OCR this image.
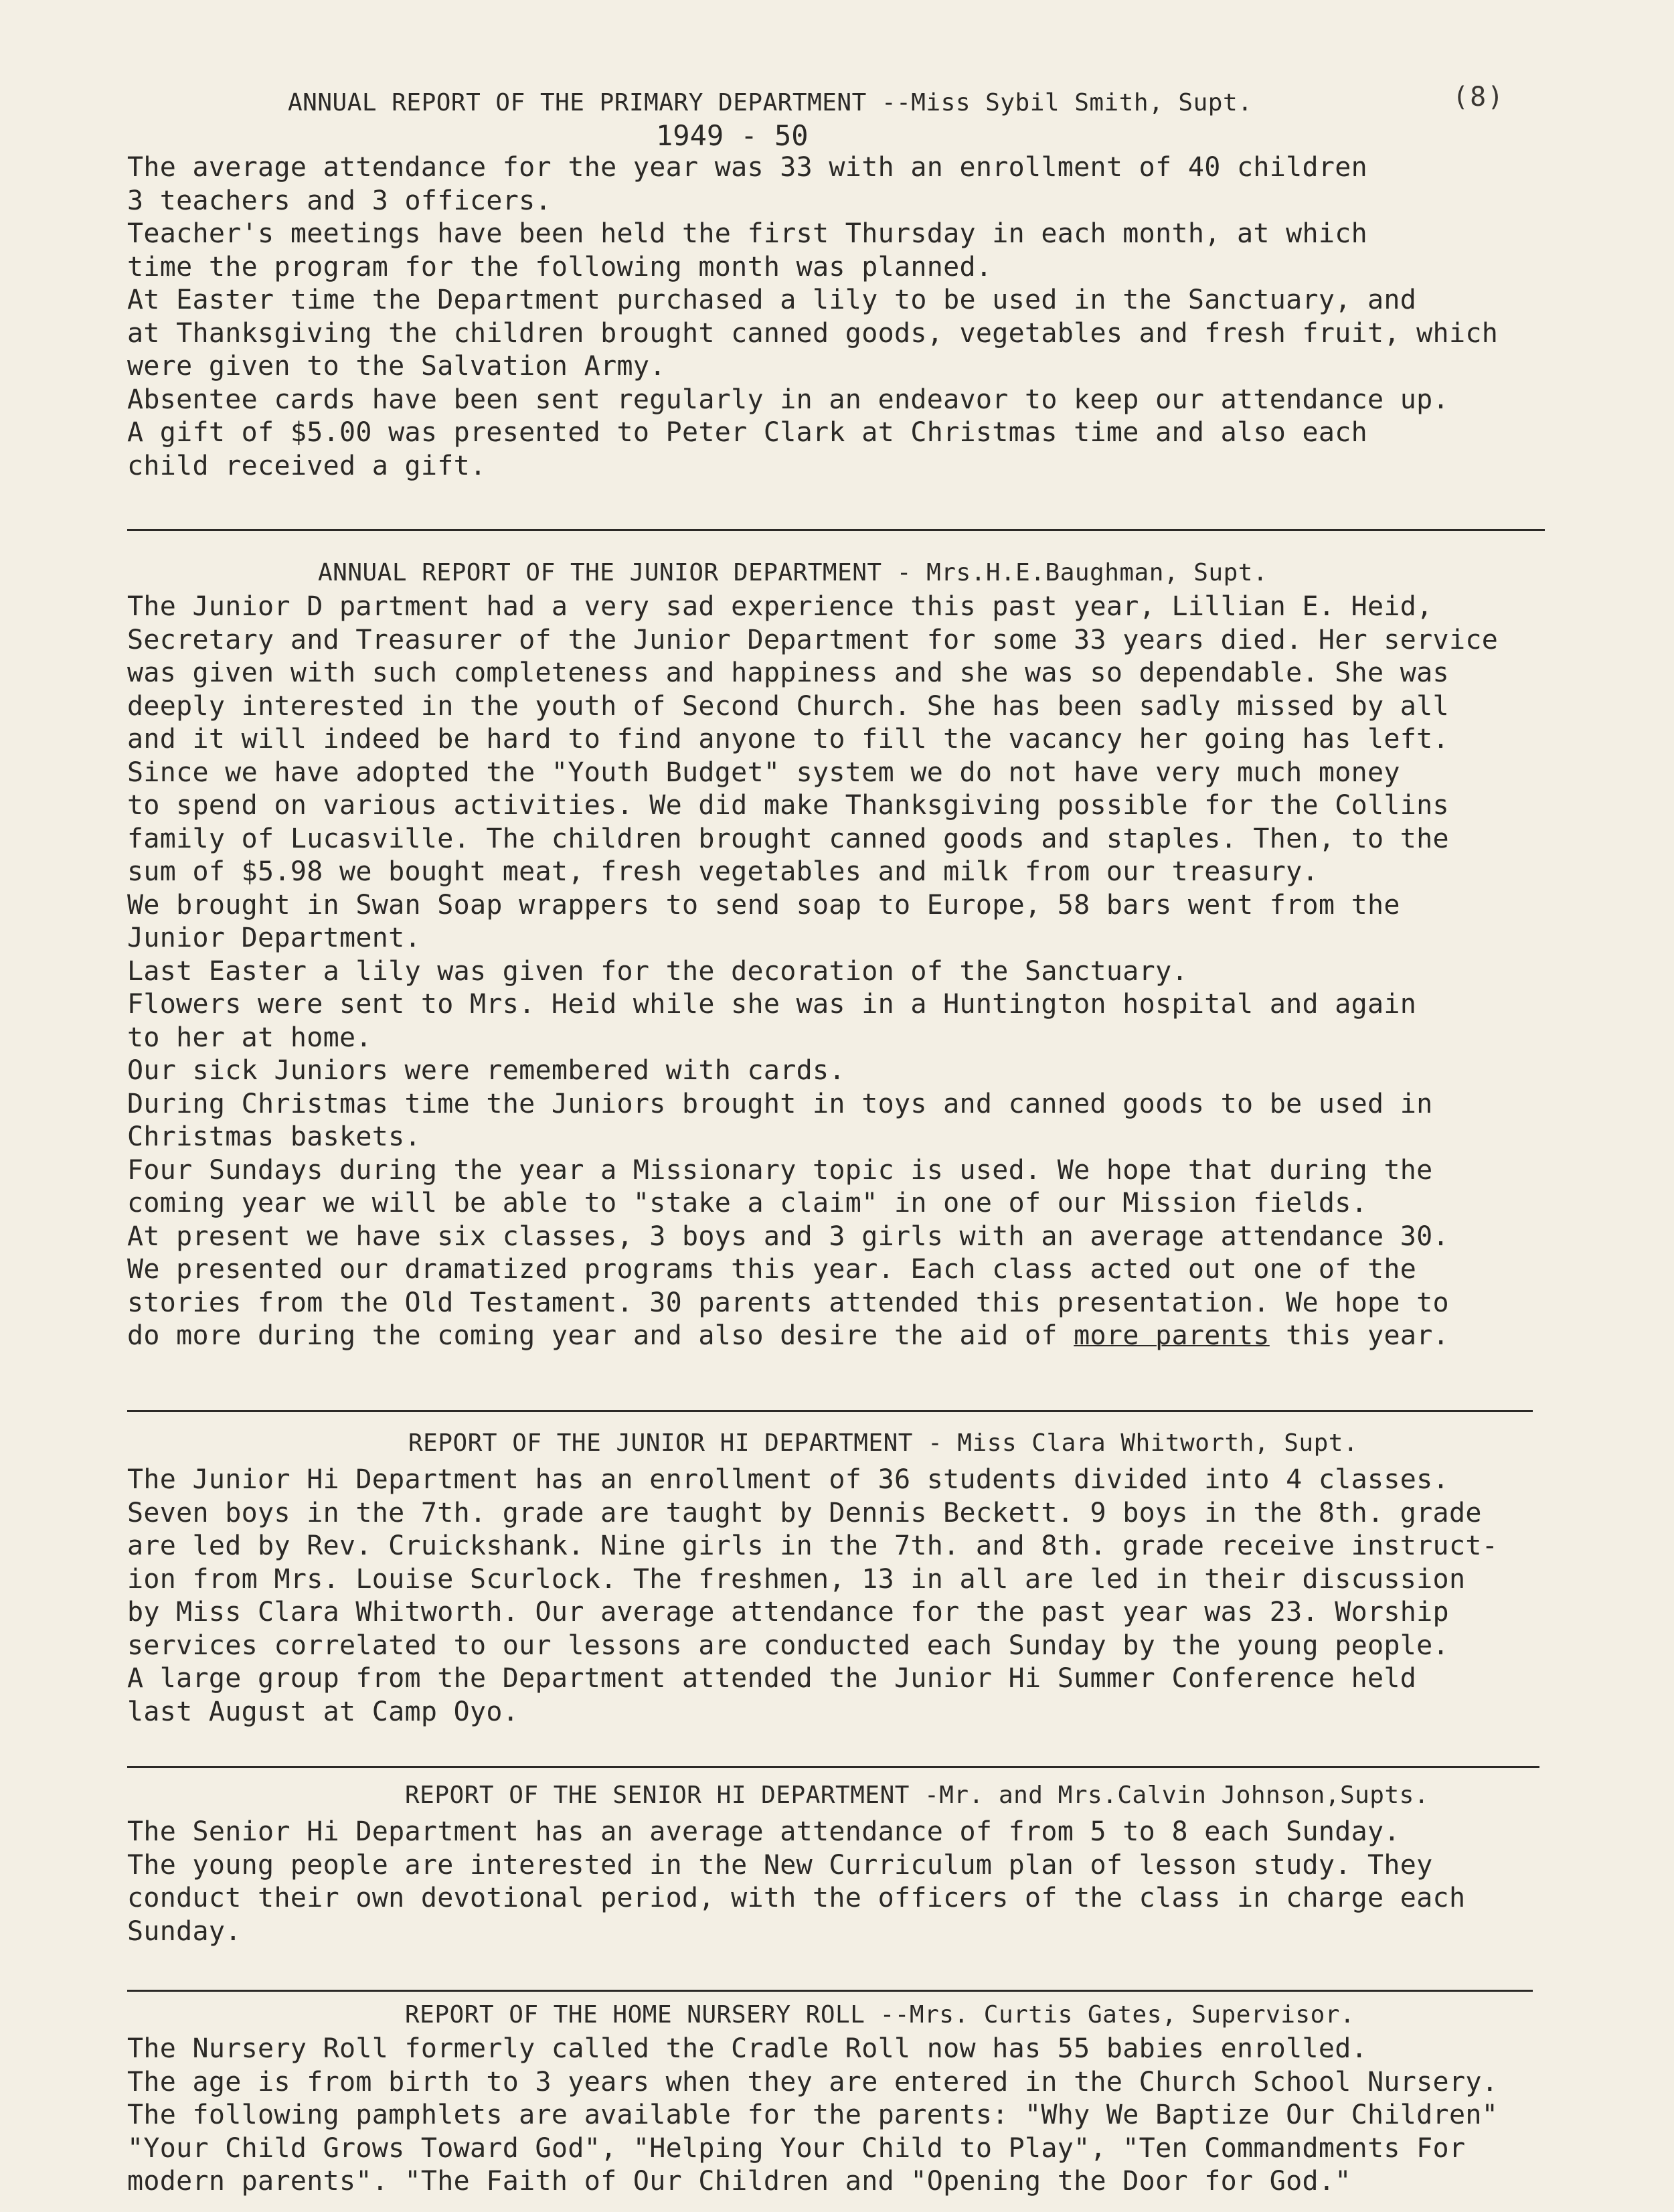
(8)
ANNUAL REPORT OF THE PRIMARY DEPARTMENT --Miss Sybil Smith, Supt.
1949 - 50
The average attendance for the year was 33 with an enrollment of 40 children
3 teachers and 3 officers.
Teacher's meetings have been held the first Thursday in each month, at which
time the program for the following month was planned.
At Easter time the Department purchased a lily to be used in the Sanctuary, and
at Thanksgiving the children brought canned goods, vegetables and fresh fruit, which
were given to the Salvation Army.
Absentee cards have been sent regularly in an endeavor to keep our attendance up.
A gift of $5.00 was presented to Peter Clark at Christmas time and also each
child received a gift.
ANNUAL REPORT OF THE JUNIOR DEPARTMENT - Mrs.H.E.Baughman, Supt.
The Junior D partment had a very sad experience this past year, Lillian E. Heid,
Secretary and Treasurer of the Junior Department for some 33 years died. Her service
was given with such completeness and happiness and she was so dependable. She was
deeply interested in the youth of Second Church. She has been sadly missed by all
and it will indeed be hard to find anyone to fill the vacancy her going has left.
Since we have adopted the "Youth Budget" system we do not have very much money
to spend on various activities. We did make Thanksgiving possible for the Collins
family of Lucasville. The children brought canned goods and staples. Then, to the
sum of $5.98 we bought meat, fresh vegetables and milk from our treasury.
We brought in Swan Soap wrappers to send soap to Europe, 58 bars went from the
Junior Department.
Last Easter a lily was given for the decoration of the Sanctuary.
Flowers were sent to Mrs. Heid while she was in a Huntington hospital and again
to her at home.
Our sick Juniors were remembered with cards.
During Christmas time the Juniors brought in toys and canned goods to be used in
Christmas baskets.
Four Sundays during the year a Missionary topic is used. We hope that during the
coming year we will be able to "stake a claim" in one of our Mission fields.
At present we have six classes, 3 boys and 3 girls with an average attendance 30.
We presented our dramatized programs this year. Each class acted out one of the
stories from the Old Testament. 30 parents attended this presentation. We hope to
do more during the coming year and also desire the aid of more parents this year.
REPORT OF THE JUNIOR HI DEPARTMENT - Miss Clara Whitworth, Supt.
The Junior Hi Department has an enrollment of 36 students divided into 4 classes.
Seven boys in the 7th. grade are taught by Dennis Beckett. 9 boys in the 8th. grade
are led by Rev. Cruickshank. Nine girls in the 7th. and 8th. grade receive instruct-
ion from Mrs. Louise Scurlock. The freshmen, 13 in all are led in their discussion
by Miss Clara Whitworth. Our average attendance for the past year was 23. Worship
services correlated to our lessons are conducted each Sunday by the young people.
A large group from the Department attended the Junior Hi Summer Conference held
last August at Camp Oyo.
REPORT OF THE SENIOR HI DEPARTMENT -Mr. and Mrs.Calvin Johnson,Supts.
The Senior Hi Department has an average attendance of from 5 to 8 each Sunday.
The young people are interested in the New Curriculum plan of lesson study. They
conduct their own devotional period, with the officers of the class in charge each
Sunday.
REPORT OF THE HOME NURSERY ROLL --Mrs. Curtis Gates, Supervisor.
The Nursery Roll formerly called the Cradle Roll now has 55 babies enrolled.
The age is from birth to 3 years when they are entered in the Church School Nursery.
The following pamphlets are available for the parents: "Why We Baptize Our Children"
"Your Child Grows Toward God", "Helping Your Child to Play", "Ten Commandments For
modern parents". "The Faith of Our Children and "Opening the Door for God."
